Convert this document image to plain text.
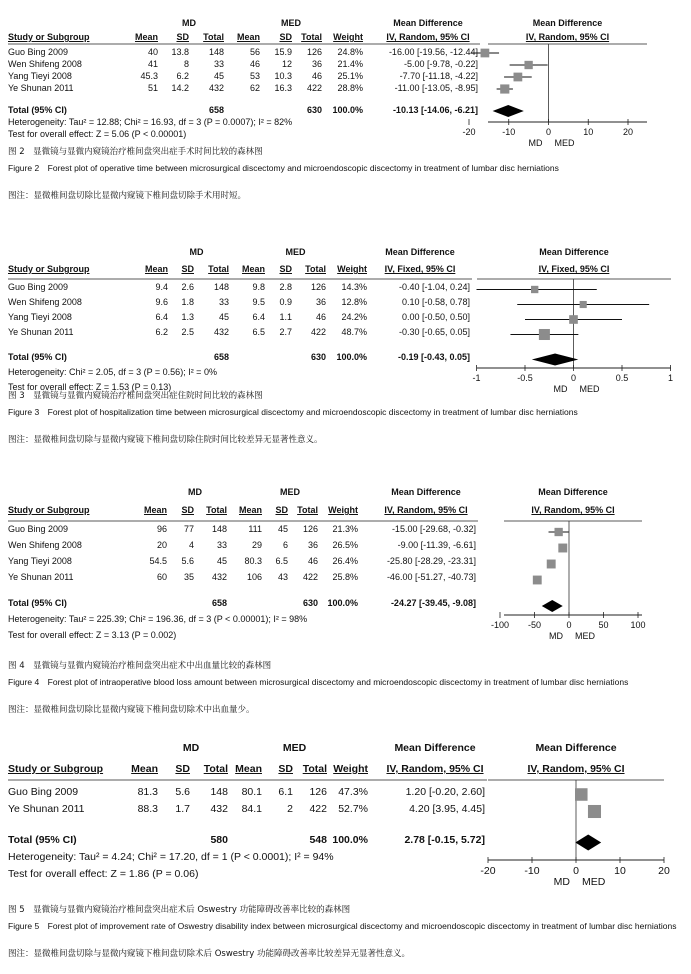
MD	MED	Mean Difference	Mean Difference
Study or Subgroup	Mean	SD	Total	Mean	SD	Total	Weight	IV, Random, 95% CI	IV, Random, 95% CI
Guo Bing 2009	40	13.8	148	56	15.9	126	24.8%	-16.00 [-19.56, -12.44]
Wen Shifeng 2008	41	8	33	46	12	36	21.4%	-5.00 [-9.78, -0.22]
Yang Tieyi 2008	45.3	6.2	45	53	10.3	46	25.1%	-7.70 [-11.18, -4.22]
Ye Shunan 2011	51	14.2	432	62	16.3	422	28.8%	-11.00 [-13.05, -8.95]
Total (95% CI)	658	630	100.0%	-10.13 [-14.06, -6.21]
Heterogeneity: Tau² = 12.88; Chi² = 16.93, df = 3 (P = 0.0007); I² = 82%
Test for overall effect: Z = 5.06 (P < 0.00001)	-20	-10	0	10	20
MD MED
图 2　显微镜与显微内窥镜治疗椎间盘突出症手术时间比较的森林图
Figure 2　Forest plot of operative time between microsurgical discectomy and microendoscopic discectomy in treatment of lumbar disc herniations
图注：显微椎间盘切除比显微内窥镜下椎间盘切除手术用时短。
MD	MED	Mean Difference	Mean Difference
Study or Subgroup	Mean	SD	Total	Mean	SD	Total	Weight	IV, Fixed, 95% CI	IV, Fixed, 95% CI
Guo Bing 2009	9.4	2.6	148	9.8	2.8	126	14.3%	-0.40 [-1.04, 0.24]
Wen Shifeng 2008	9.6	1.8	33	9.5	0.9	36	12.8%	0.10 [-0.58, 0.78]
Yang Tieyi 2008	6.4	1.3	45	6.4	1.1	46	24.2%	0.00 [-0.50, 0.50]
Ye Shunan 2011	6.2	2.5	432	6.5	2.7	422	48.7%	-0.30 [-0.65, 0.05]
Total (95% CI)	658	630	100.0%	-0.19 [-0.43, 0.05]
Heterogeneity: Chi² = 2.05, df = 3 (P = 0.56); I² = 0%
Test for overall effect: Z = 1.53 (P = 0.13)
-1	-0.5	0	0.5	1
MD MED
图 3　显微镜与显微内窥镜治疗椎间盘突出症住院时间比较的森林图
Figure 3　Forest plot of hospitalization time between microsurgical discectomy and microendoscopic discectomy in treatment of lumbar disc herniations
图注：显微椎间盘切除与显微内窥镜下椎间盘切除住院时间比较差异无显著性意义。
MD	MED	Mean Difference	Mean Difference
Study or Subgroup	Mean	SD	Total	Mean	SD	Total	Weight	IV, Random, 95% CI	IV, Random, 95% CI
Guo Bing 2009	96	77	148	111	45	126	21.3%	-15.00 [-29.68, -0.32]
Wen Shifeng 2008	20	4	33	29	6	36	26.5%	-9.00 [-11.39, -6.61]
Yang Tieyi 2008	54.5	5.6	45	80.3	6.5	46	26.4%	-25.80 [-28.29, -23.31]
Ye Shunan 2011	60	35	432	106	43	422	25.8%	-46.00 [-51.27, -40.73]
Total (95% CI)	658	630	100.0%	-24.27 [-39.45, -9.08]
Heterogeneity: Tau² = 225.39; Chi² = 196.36, df = 3 (P < 0.00001); I² = 98%
Test for overall effect: Z = 3.13 (P = 0.002)
-100	-50	0	50	100
MD MED
图 4　显微镜与显微内窥镜治疗椎间盘突出症术中出血量比较的森林图
Figure 4　Forest plot of intraoperative blood loss amount between microsurgical discectomy and microendoscopic discectomy in treatment of lumbar disc herniations
图注：显微椎间盘切除比显微内窥镜下椎间盘切除术中出血量少。
MD	MED	Mean Difference	Mean Difference
Study or Subgroup	Mean	SD	Total Mean	SD Total Weight	IV, Random, 95% CI	IV, Random, 95% CI
Guo Bing 2009	81.3	5.6	148	80.1	6.1	126	47.3%	1.20 [-0.20, 2.60]
Ye Shunan 2011	88.3	1.7	432	84.1	2	422	52.7%	4.20 [3.95, 4.45]
Total (95% CI)	580	548 100.0%	2.78 [-0.15, 5.72]
Heterogeneity: Tau² = 4.24; Chi² = 17.20, df = 1 (P < 0.0001); I² = 94%
Test for overall effect: Z = 1.86 (P = 0.06)	-20	-10	0	10	20
MD MED
图 5　显微镜与显微内窥镜治疗椎间盘突出症术后 Oswestry 功能障碍改善率比较的森林图
Figure 5　Forest plot of improvement rate of Oswestry disability index between microsurgical discectomy and microendoscopic discectomy in treatment of lumbar disc herniations
图注：显微椎间盘切除与显微内窥镜下椎间盘切除术后 Oswestry 功能障碍改善率比较差异无显著性意义。
